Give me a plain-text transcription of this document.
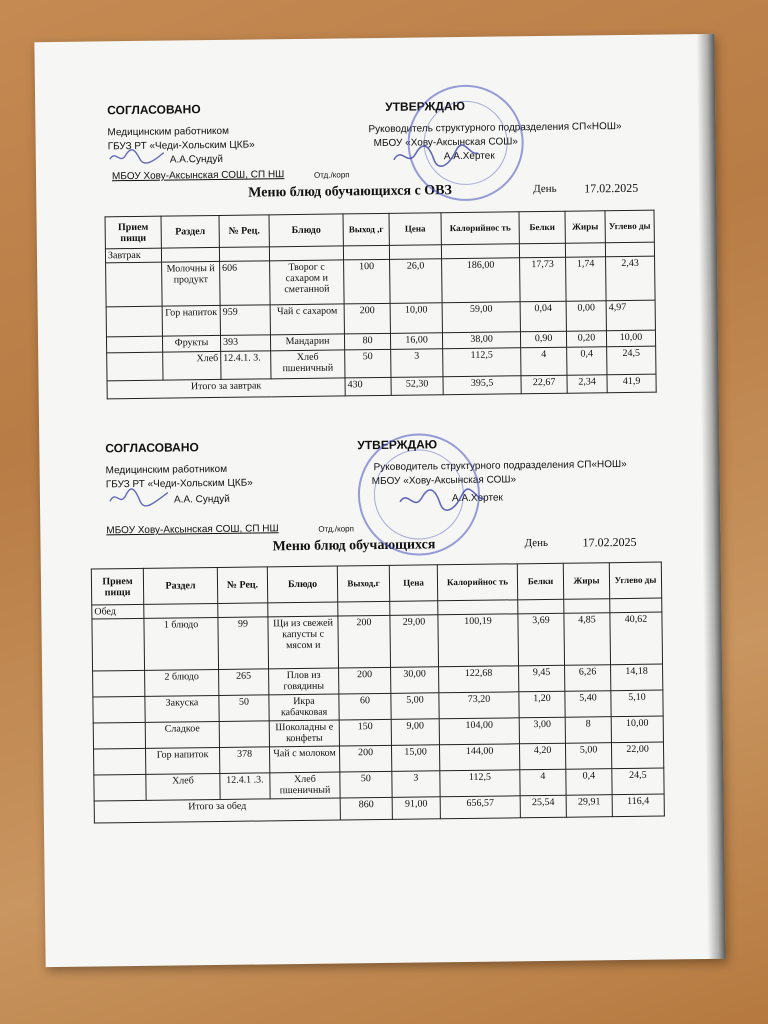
СОГЛАСОВАНО	УТВЕРЖДАЮ
Медицинским работником
ГБУЗ РТ «Чеди-Хольским ЦКБ»
А.А.Сундуй
МБОУ Хову-Аксынская СОШ, СП НШ	Отд./корп
Руководитель структурного подразделения СП«НОШ»
МБОУ «Хову-Аксынская СОШ»
А.А.Хертек
Меню блюд обучающихся с ОВЗ	День 17.02.2025
Прием пищи	Раздел	№ Рец.	Блюдо	Выход ,г	Цена	Калорийнос ть	Белки	Жиры	Углево ды
Завтрак									
	Молочны й продукт	606	Творог с сахаром и сметанной	100	26,0	186,00	17,73	1,74	2,43
	Гор напиток	959	Чай с сахаром	200	10,00	59,00	0,04	0,00	4,97
	Фрукты	393	Мандарин	80	16,00	38,00	0,90	0,20	10,00
	Хлеб	12.4.1. 3.	Хлеб пшеничный	50	3	112,5	4	0,4	24,5
Итого за завтрак				430	52,30	395,5	22,67	2,34	41,9
СОГЛАСОВАНО	УТВЕРЖДАЮ
Медицинским работником
ГБУЗ РТ «Чеди-Хольским ЦКБ»
А.А. Сундуй
МБОУ Хову-Аксынская СОШ, СП НШ	Отд./корп
Руководитель структурного подразделения СП«НОШ»
МБОУ «Хову-Аксынская СОШ»
А.А.Хертек
Меню блюд обучающихся	День	17.02.2025
Прием пищи	Раздел	№ Рец.	Блюдо	Выход,г	Цена	Калорийнос ть	Белки	Жиры	Углево ды
Обед									
	1 блюдо	99	Щи из свежей капусты с мясом и	200	29,00	100,19	3,69	4,85	40,62
	2 блюдо	265	Плов из говядины	200	30,00	122,68	9,45	6,26	14,18
	Закуска	50	Икра кабачковая	60	5,00	73,20	1,20	5,40	5,10
	Сладкое		Шоколадны е конфеты	150	9,00	104,00	3,00	8	10,00
	Гор напиток	378	Чай с молоком	200	15,00	144,00	4,20	5,00	22,00
	Хлеб	12.4.1 .3.	Хлеб пшеничный	50	3	112,5	4	0,4	24,5
Итого за обед				860	91,00	656,57	25,54	29,91	116,4
